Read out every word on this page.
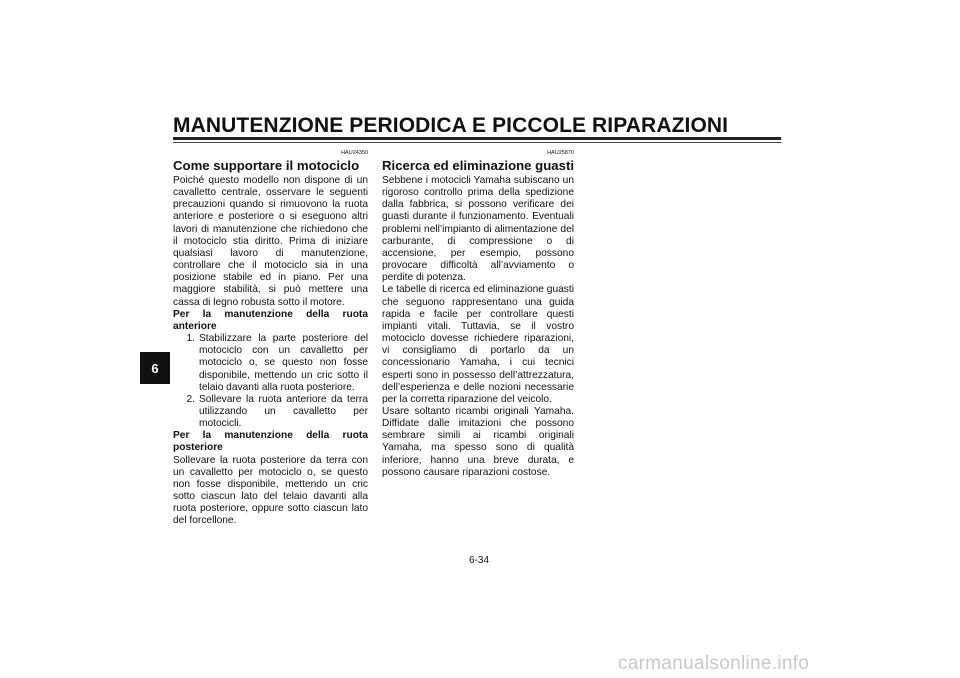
MANUTENZIONE PERIODICA E PICCOLE RIPARAZIONI
6
HAU24350
Come supportare il motociclo

Poiché questo modello non dispone di un cavalletto centrale, osservare le seguenti precauzioni quando si rimuovono la ruota anteriore e posteriore o si eseguono altri lavori di manutenzione che richiedono che il motociclo stia diritto. Prima di iniziare qualsiasi lavoro di manutenzione, controllare che il motociclo sia in una posizione stabile ed in piano. Per una maggiore stabilità, si può mettere una cassa di legno robusta sotto il motore.

Per la manutenzione della ruota anteriore

1. Stabilizzare la parte posteriore del motociclo con un cavalletto per motociclo o, se questo non fosse disponibile, mettendo un cric sotto il telaio davanti alla ruota posteriore.
2. Sollevare la ruota anteriore da terra utilizzando un cavalletto per motocicli.

Per la manutenzione della ruota posteriore

Sollevare la ruota posteriore da terra con un cavalletto per motociclo o, se questo non fosse disponibile, mettendo un cric sotto ciascun lato del telaio davanti alla ruota posteriore, oppure sotto ciascun lato del forcellone.

HAU25870
Ricerca ed eliminazione guasti

Sebbene i motocicli Yamaha subiscano un rigoroso controllo prima della spedizione dalla fabbrica, si possono verificare dei guasti durante il funzionamento. Eventuali problemi nell’impianto di alimentazione del carburante, di compressione o di accensione, per esempio, possono provocare difficoltà all’avviamento o perdite di potenza.

Le tabelle di ricerca ed eliminazione guasti che seguono rappresentano una guida rapida e facile per controllare questi impianti vitali. Tuttavia, se il vostro motociclo dovesse richiedere riparazioni, vi consigliamo di portarlo da un concessionario Yamaha, i cui tecnici esperti sono in possesso dell’attrezzatura, dell’esperienza e delle nozioni necessarie per la corretta riparazione del veicolo.

Usare soltanto ricambi originali Yamaha. Diffidate dalle imitazioni che possono sembrare simili ai ricambi originali Yamaha, ma spesso sono di qualità inferiore, hanno una breve durata, e possono causare riparazioni costose.

6-34
carmanualsonline.info
